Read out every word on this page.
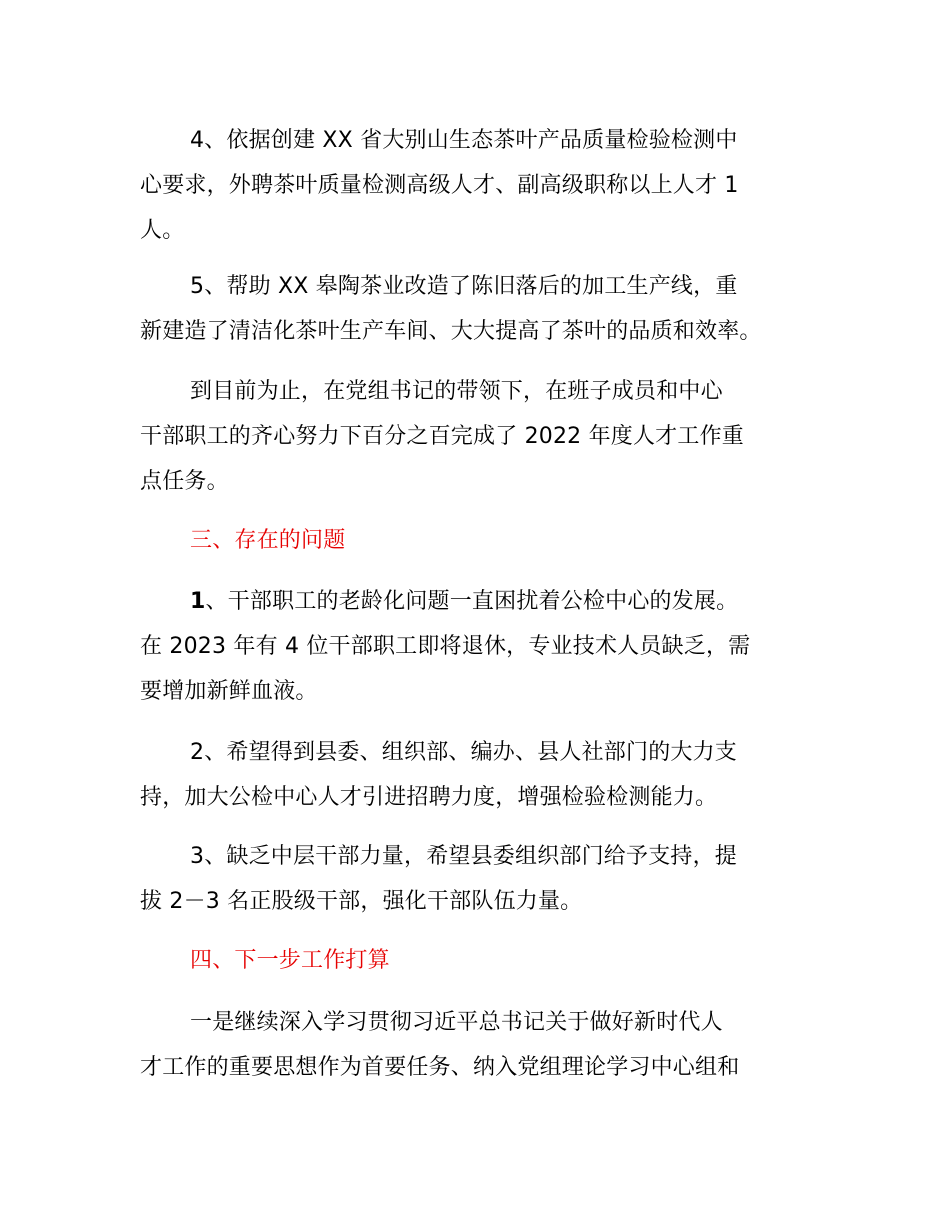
4、依据创建 XX 省大别山生态茶叶产品质量检验检测中
心要求，外聘茶叶质量检测高级人才、副高级职称以上人才 1
人。
5、帮助 XX 皋陶茶业改造了陈旧落后的加工生产线，重
新建造了清洁化茶叶生产车间、大大提高了茶叶的品质和效率。
到目前为止，在党组书记的带领下，在班子成员和中心
干部职工的齐心努力下百分之百完成了 2022 年度人才工作重
点任务。
三、存在的问题
1、干部职工的老龄化问题一直困扰着公检中心的发展。
在 2023 年有 4 位干部职工即将退休，专业技术人员缺乏，需
要增加新鲜血液。
2、希望得到县委、组织部、编办、县人社部门的大力支
持，加大公检中心人才引进招聘力度，增强检验检测能力。
3、缺乏中层干部力量，希望县委组织部门给予支持，提
拔 2－3 名正股级干部，强化干部队伍力量。
四、下一步工作打算
一是继续深入学习贯彻习近平总书记关于做好新时代人
才工作的重要思想作为首要任务、纳入党组理论学习中心组和
